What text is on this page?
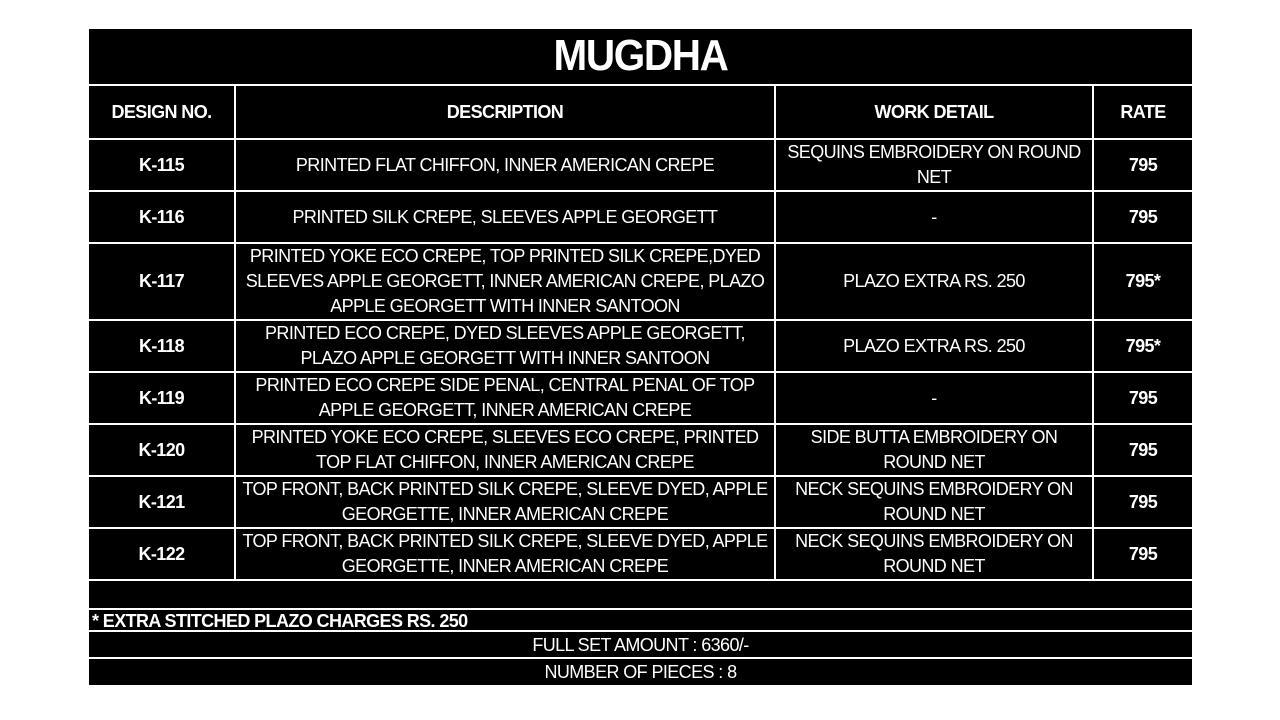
MUGDHA
DESIGN NO.	DESCRIPTION	WORK DETAIL	RATE
K-115	PRINTED FLAT CHIFFON, INNER AMERICAN CREPE	SEQUINS EMBROIDERY ON ROUND NET	795
K-116	PRINTED SILK CREPE, SLEEVES APPLE GEORGETT	-	795
K-117	PRINTED YOKE ECO CREPE, TOP PRINTED SILK CREPE,DYED SLEEVES APPLE GEORGETT, INNER AMERICAN CREPE, PLAZO APPLE GEORGETT WITH INNER SANTOON	PLAZO EXTRA RS. 250	795*
K-118	PRINTED ECO CREPE, DYED SLEEVES APPLE GEORGETT, PLAZO APPLE GEORGETT WITH INNER SANTOON	PLAZO EXTRA RS. 250	795*
K-119	PRINTED ECO CREPE SIDE PENAL, CENTRAL PENAL OF TOP APPLE GEORGETT, INNER AMERICAN CREPE	-	795
K-120	PRINTED YOKE ECO CREPE, SLEEVES ECO CREPE, PRINTED TOP FLAT CHIFFON, INNER AMERICAN CREPE	SIDE BUTTA EMBROIDERY ON ROUND NET	795
K-121	TOP FRONT, BACK PRINTED SILK CREPE, SLEEVE DYED, APPLE GEORGETTE, INNER AMERICAN CREPE	NECK SEQUINS EMBROIDERY ON ROUND NET	795
K-122	TOP FRONT, BACK PRINTED SILK CREPE, SLEEVE DYED, APPLE GEORGETTE, INNER AMERICAN CREPE	NECK SEQUINS EMBROIDERY ON ROUND NET	795
* EXTRA STITCHED PLAZO CHARGES RS. 250
FULL SET AMOUNT : 6360/-
NUMBER OF PIECES : 8
